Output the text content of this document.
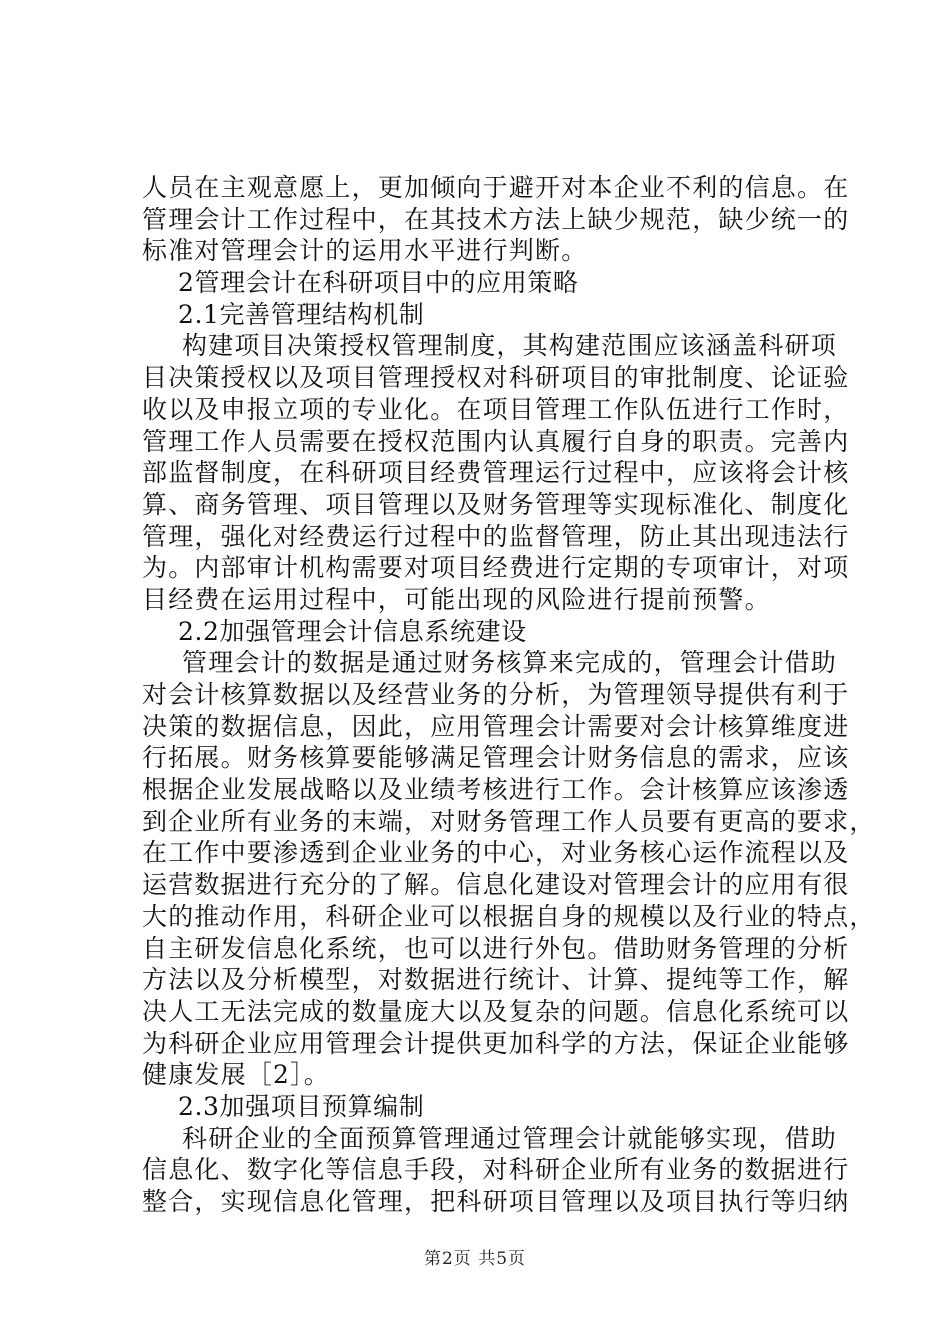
人员在主观意愿上，更加倾向于避开对本企业不利的信息。在
管理会计工作过程中，在其技术方法上缺少规范，缺少统一的
标准对管理会计的运用水平进行判断。
2管理会计在科研项目中的应用策略
2.1完善管理结构机制
构建项目决策授权管理制度，其构建范围应该涵盖科研项
目决策授权以及项目管理授权对科研项目的审批制度、论证验
收以及申报立项的专业化。在项目管理工作队伍进行工作时，
管理工作人员需要在授权范围内认真履行自身的职责。完善内
部监督制度，在科研项目经费管理运行过程中，应该将会计核
算、商务管理、项目管理以及财务管理等实现标准化、制度化
管理，强化对经费运行过程中的监督管理，防止其出现违法行
为。内部审计机构需要对项目经费进行定期的专项审计，对项
目经费在运用过程中，可能出现的风险进行提前预警。
2.2加强管理会计信息系统建设
管理会计的数据是通过财务核算来完成的，管理会计借助
对会计核算数据以及经营业务的分析，为管理领导提供有利于
决策的数据信息，因此，应用管理会计需要对会计核算维度进
行拓展。财务核算要能够满足管理会计财务信息的需求，应该
根据企业发展战略以及业绩考核进行工作。会计核算应该渗透
到企业所有业务的末端，对财务管理工作人员要有更高的要求，
在工作中要渗透到企业业务的中心，对业务核心运作流程以及
运营数据进行充分的了解。信息化建设对管理会计的应用有很
大的推动作用，科研企业可以根据自身的规模以及行业的特点，
自主研发信息化系统，也可以进行外包。借助财务管理的分析
方法以及分析模型，对数据进行统计、计算、提纯等工作，解
决人工无法完成的数量庞大以及复杂的问题。信息化系统可以
为科研企业应用管理会计提供更加科学的方法，保证企业能够
健康发展［2］。
2.3加强项目预算编制
科研企业的全面预算管理通过管理会计就能够实现，借助
信息化、数字化等信息手段，对科研企业所有业务的数据进行
整合，实现信息化管理，把科研项目管理以及项目执行等归纳
第2页 共5页
